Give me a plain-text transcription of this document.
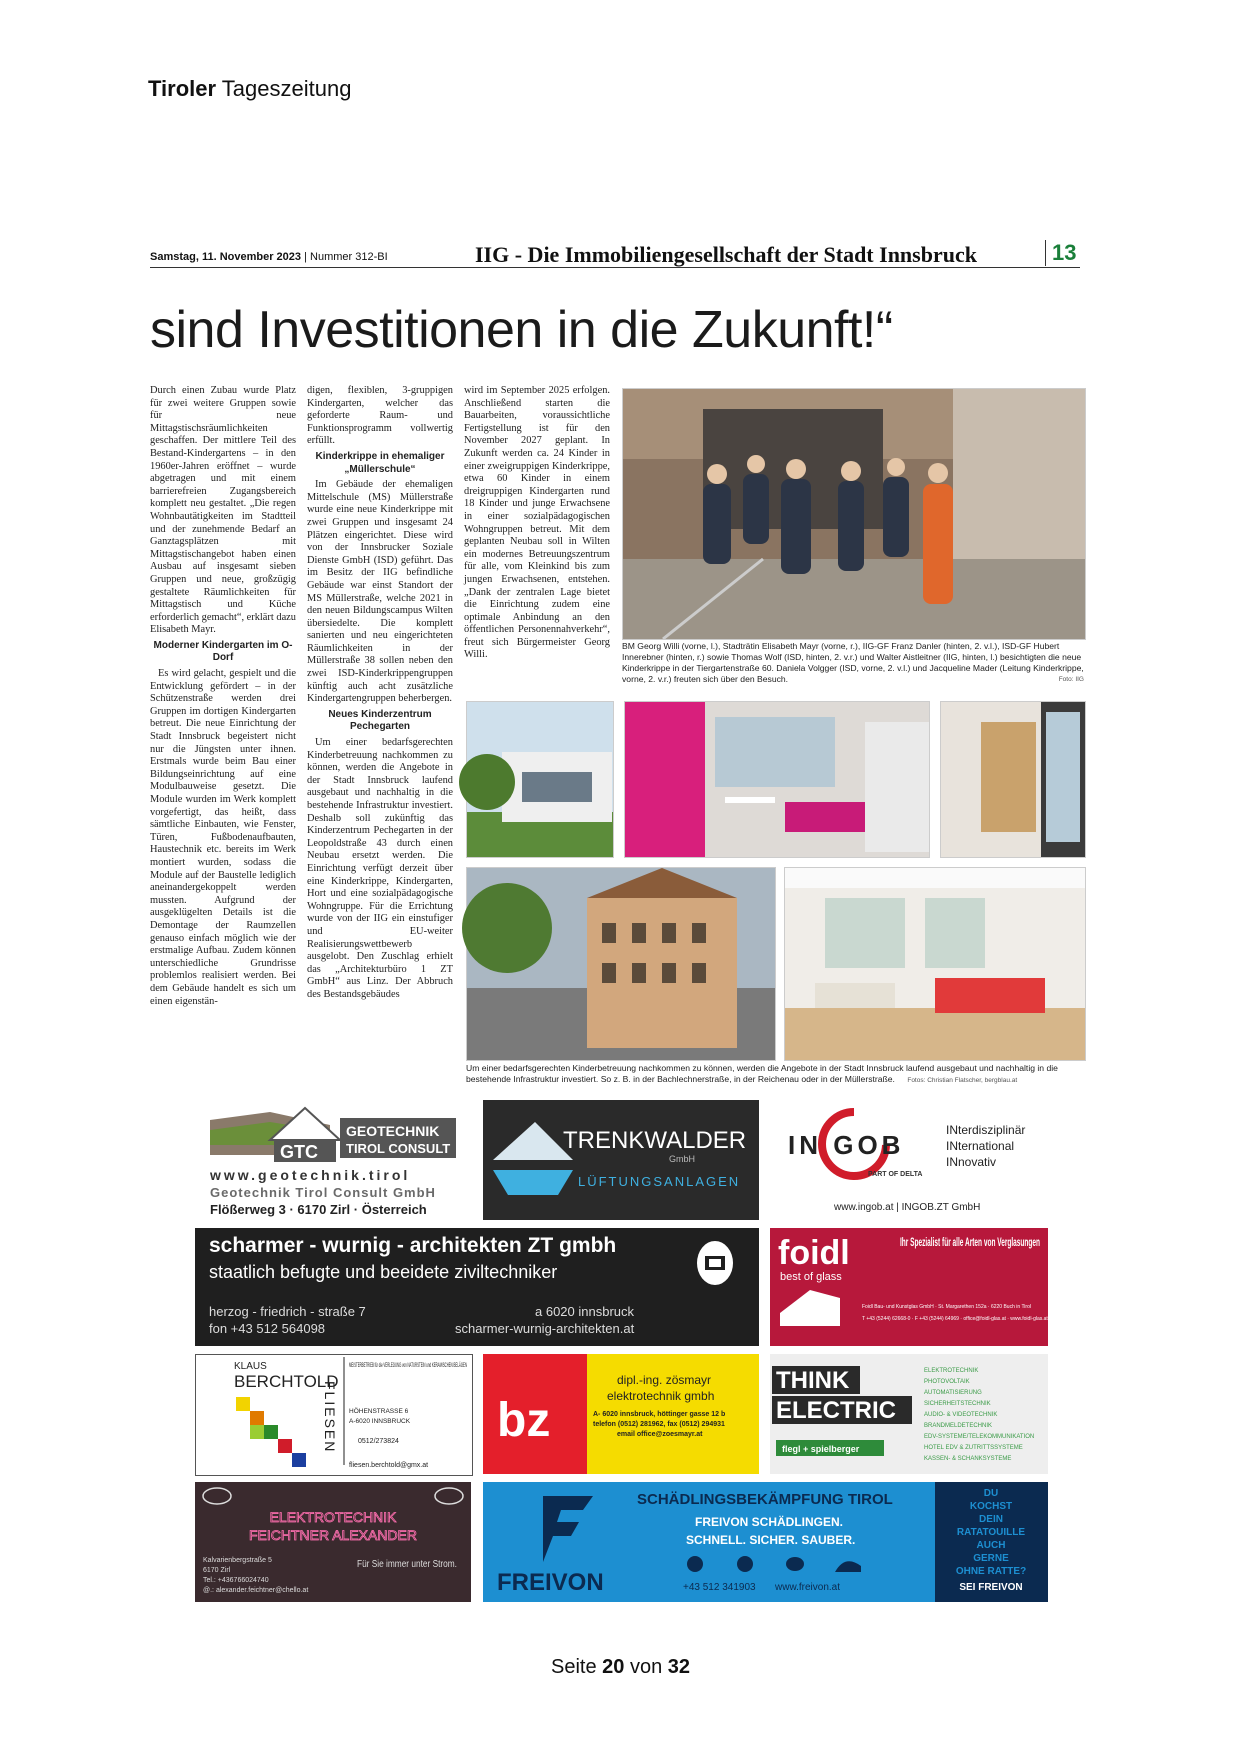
Tiroler Tageszeitung
Samstag, 11. November 2023 | Nummer 312-BI	IIG - Die Immobiliengesellschaft der Stadt Innsbruck	13
sind Investitionen in die Zukunft!“

Durch einen Zubau wurde Platz für zwei weitere Gruppen sowie für neue Mittagstischsräumlichkeiten geschaffen. Der mittlere Teil des Bestand-Kindergartens – in den 1960er-Jahren eröffnet – wurde abgetragen und mit einem barrierefreien Zugangsbereich komplett neu gestaltet. „Die regen Wohnbautätigkeiten im Stadtteil und der zunehmende Bedarf an Ganztagsplätzen mit Mittagstischangebot haben einen Ausbau auf insgesamt sieben Gruppen und neue, großzügig gestaltete Räumlichkeiten für Mittagstisch und Küche erforderlich gemacht“, erklärt dazu Elisabeth Mayr.

Moderner Kindergarten im O-Dorf

Es wird gelacht, gespielt und die Entwicklung gefördert – in der Schützenstraße werden drei Gruppen im dortigen Kindergarten betreut. Die neue Einrichtung der Stadt Innsbruck begeistert nicht nur die Jüngsten unter ihnen. Erstmals wurde beim Bau einer Bildungseinrichtung auf eine Modulbauweise gesetzt. Die Module wurden im Werk komplett vorgefertigt, das heißt, dass sämtliche Einbauten, wie Fenster, Türen, Fußbodenaufbauten, Haustechnik etc. bereits im Werk montiert wurden, sodass die Module auf der Baustelle lediglich aneinandergekoppelt werden mussten. Aufgrund der ausgeklügelten Details ist die Demontage der Raumzellen genauso einfach möglich wie der erstmalige Aufbau. Zudem können unterschiedliche Grundrisse problemlos realisiert werden. Bei dem Gebäude handelt es sich um einen eigenstän-

digen, flexiblen, 3-gruppigen Kindergarten, welcher das geforderte Raum- und Funktionsprogramm vollwertig erfüllt.

Kinderkrippe in ehemaliger „Müllerschule“

Im Gebäude der ehemaligen Mittelschule (MS) Müllerstraße wurde eine neue Kinderkrippe mit zwei Gruppen und insgesamt 24 Plätzen eingerichtet. Diese wird von der Innsbrucker Soziale Dienste GmbH (ISD) geführt. Das im Besitz der IIG befindliche Gebäude war einst Standort der MS Müllerstraße, welche 2021 in den neuen Bildungscampus Wilten übersiedelte. Die komplett sanierten und neu eingerichteten Räumlichkeiten in der Müllerstraße 38 sollen neben den zwei ISD-Kinderkrippengruppen künftig auch acht zusätzliche Kindergartengruppen beherbergen.

Neues Kinderzentrum Pechegarten

Um einer bedarfsgerechten Kinderbetreuung nachkommen zu können, werden die Angebote in der Stadt Innsbruck laufend ausgebaut und nachhaltig in die bestehende Infrastruktur investiert. Deshalb soll zukünftig das Kinderzentrum Pechegarten in der Leopoldstraße 43 durch einen Neubau ersetzt werden. Die Einrichtung verfügt derzeit über eine Kinderkrippe, Kindergarten, Hort und eine sozialpädagogische Wohngruppe. Für die Errichtung wurde von der IIG ein einstufiger und EU-weiter Realisierungswettbewerb ausgelobt. Den Zuschlag erhielt das „Architekturbüro 1 ZT GmbH“ aus Linz. Der Abbruch des Bestandsgebäudes

wird im September 2025 erfolgen. Anschließend starten die Bauarbeiten, voraussichtliche Fertigstellung ist für den November 2027 geplant. In Zukunft werden ca. 24 Kinder in einer zweigruppigen Kinderkrippe, etwa 60 Kinder in einem dreigruppigen Kindergarten rund 18 Kinder und junge Erwachsene in einer sozialpädagogischen Wohngruppen betreut. Mit dem geplanten Neubau soll in Wilten ein modernes Betreuungszentrum für alle, vom Kleinkind bis zum jungen Erwachsenen, entstehen. „Dank der zentralen Lage bietet die Einrichtung zudem eine optimale Anbindung an den öffentlichen Personennahverkehr“, freut sich Bürgermeister Georg Willi.

BM Georg Willi (vorne, l.), Stadträtin Elisabeth Mayr (vorne, r.), IIG-GF Franz Danler (hinten, 2. v.l.), ISD-GF Hubert Innerebner (hinten, r.) sowie Thomas Wolf (ISD, hinten, 2. v.r.) und Walter Aistleitner (IIG, hinten, l.) besichtigten die neue Kinderkrippe in der Tiergartenstraße 60. Daniela Volgger (ISD, vorne, 2. v.l.) und Jacqueline Mader (Leitung Kinderkrippe, vorne, 2. v.r.) freuten sich über den Besuch.	Foto: IIG
Um einer bedarfsgerechten Kinderbetreuung nachkommen zu können, werden die Angebote in der Stadt Innsbruck laufend ausgebaut und nachhaltig in die bestehende Infrastruktur investiert. So z. B. in der Bachlechnerstraße, in der Reichenau oder in der Müllerstraße. Fotos: Christian Flatscher, bergblau.at
GTC
GEOTECHNIK
TIROL CONSULT
www.geotechnik.tirol
Geotechnik Tirol Consult GmbH
Flößerweg 3 · 6170 Zirl · Österreich
TRENKWALDER
GmbH
LÜFTUNGSANLAGEN
IN GOB
PART OF DELTA
INterdisziplinär
INternational
INnovativ
www.ingob.at | INGOB.ZT GmbH
scharmer - wurnig - architekten ZT gmbh
staatlich befugte und beeidete ziviltechniker
herzog - friedrich - straße 7
fon +43 512 564098
a 6020 innsbruck
scharmer-wurnig-architekten.at
foidl
best of glass
Ihr Spezialist für alle Arten von Verglasungen
Foidl Bau- und Kunstglas GmbH · St. Margarethen 152a · 6220 Buch in Tirol
T +43 (5244) 62668-0 · F +43 (5244) 64969 · office@foidl-glas.at · www.foidl-glas.at
KLAUS
BERCHTOLD
FLIESEN HÖHENSTRASSE 6
A-6020 INNSBRUCK
0512/273824
fliesen.berchtold@gmx.at
bz
dipl.-ing. zösmayr
elektrotechnik gmbh
A- 6020 innsbruck, höttinger gasse 12 b
telefon (0512) 281962, fax (0512) 294931
email office@zoesmayr.at
THINK
ELECTRIC
flegl + spielberger
ELEKTROTECHNIK
PHOTOVOLTAIK
AUTOMATISIERUNG
SICHERHEITSTECHNIK
AUDIO- & VIDEOTECHNIK
BRANDMELDETECHNIK
EDV-SYSTEME/TELEKOMMUNIKATION
HOTEL EDV & ZUTRITTSSYSTEME
KASSEN- & SCHANKSYSTEME
ELEKTROTECHNIK
FEICHTNER ALEXANDER
Kalvarienbergstraße 5
6170 Zirl
Tel.: +436766024740
@.: alexander.feichtner@chello.at
Für Sie immer unter Strom.
FREIVON
SCHÄDLINGSBEKÄMPFUNG TIROL
FREIVON SCHÄDLINGEN.
SCHNELL. SICHER. SAUBER.
+43 512 341903 www.freivon.at
DU
KOCHST
DEIN
RATATOUILLE
AUCH
GERNE
OHNE RATTE?
SEI FREIVON
Seite 20 von 32
